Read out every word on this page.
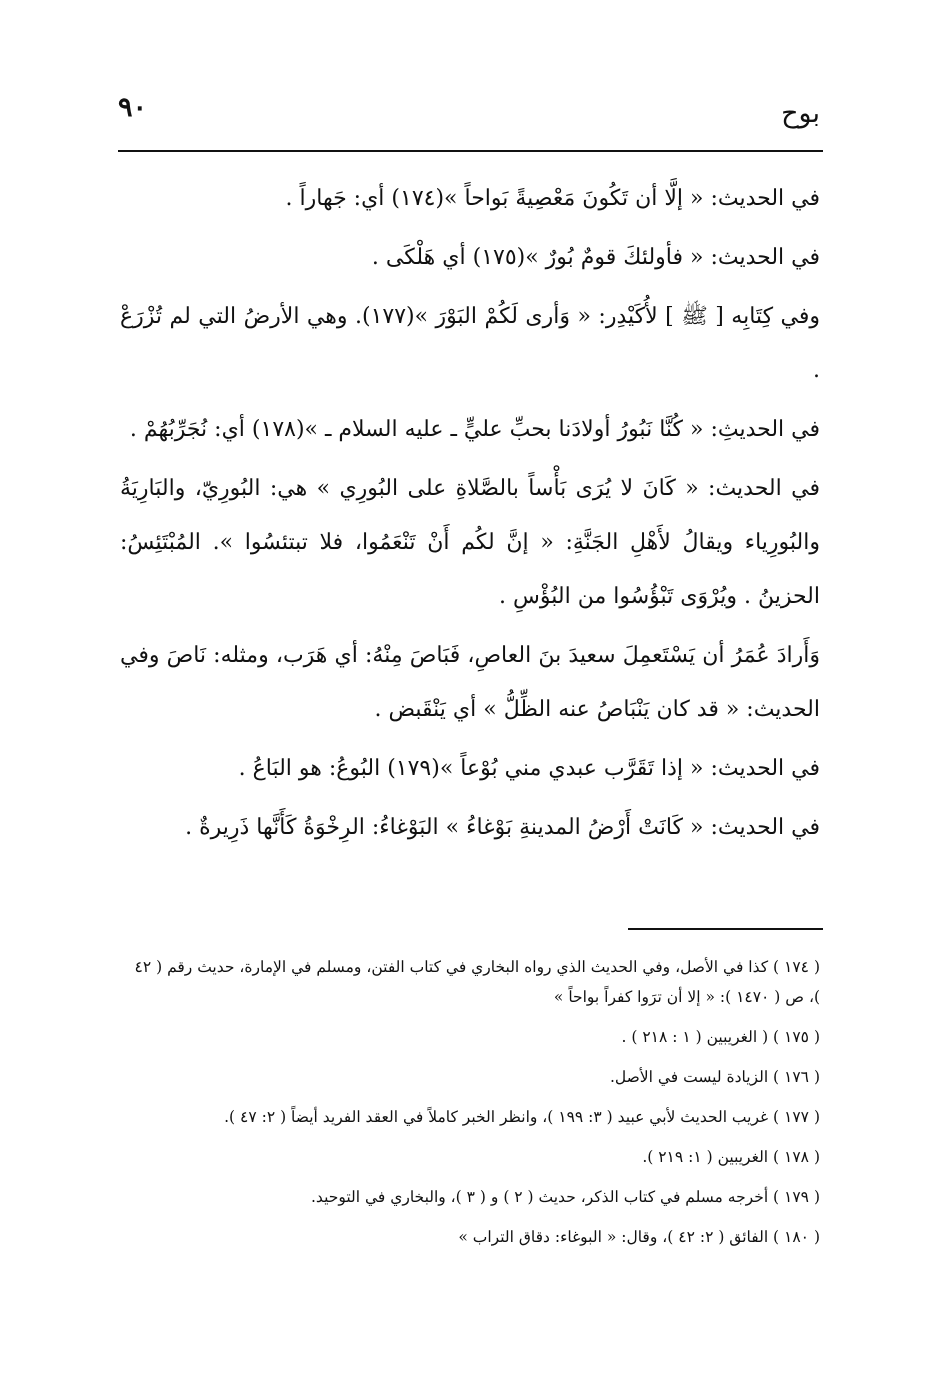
بوح
٩٠

في الحديث: « إلَّا أن تَكُونَ مَعْصِيةً بَواحاً »(١٧٤) أي: جَهاراً .

في الحديث: « فأولئكَ قومٌ بُورٌ »(١٧٥) أي هَلْكَى .

وفي كِتَابِه [ ﷺ ] لأُكَيْدِر: « وَأرى لَكُمْ البَوْرَ »(١٧٧). وهي الأرضُ التي لم تُزْرَعْ .

في الحديثِ: « كُنَّا نَبُورُ أولادَنا بحبِّ عليٍّ ـ عليه السلام ـ »(١٧٨) أي: نُجَرِّبُهُمْ .

في الحديث: « كَانَ لا يُرَى بَأْساً بالصَّلاةِ على البُورِي » هي: البُورِيّ، والبَارِيَةُ والبُورِياء ويقالُ لأَهْلِ الجَنَّةِ: « إنَّ لكُم أَنْ تَنْعَمُوا، فلا تبتئسُوا ». المُبْتَئِسُ: الحزينُ . ويُرْوَى تَبْؤُسُوا من البُؤْسِ .

وَأَرادَ عُمَرُ أن يَسْتَعمِلَ سعيدَ بنَ العاصِ، فَبَاصَ مِنْهُ: أي هَرَب، ومثله: نَاصَ وفي الحديث: « قد كان يَنْبَاصُ عنه الظِّلُّ » أي يَنْقَبض .

في الحديث: « إذا تَقَرَّب عبدي مني بُوْعاً »(١٧٩) البُوعُ: هو البَاعُ .

في الحديث: « كَانَتْ أَرْضُ المدينةِ بَوْغاءُ » البَوْغاءُ: الرِخْوَةُ كَأَنَّها ذَرِيرةٌ .

( ١٧٤ ) كذا في الأصل، وفي الحديث الذي رواه البخاري في كتاب الفتن، ومسلم في الإمارة، حديث رقم ( ٤٢ )، ص ( ١٤٧٠ ): « إلا أن ترَوا كفراً بواحاً »

( ١٧٥ ) ( الغريبين ( ١ : ٢١٨ ) .

( ١٧٦ ) الزيادة ليست في الأصل.

( ١٧٧ ) غريب الحديث لأبي عبيد ( ٣: ١٩٩ )، وانظر الخبر كاملاً في العقد الفريد أيضاً ( ٢: ٤٧ ).

( ١٧٨ ) الغريبين ( ١: ٢١٩ ).

( ١٧٩ ) أخرجه مسلم في كتاب الذكر، حديث ( ٢ ) و ( ٣ )، والبخاري في التوحيد.

( ١٨٠ ) الفائق ( ٢: ٤٢ )، وقال: « البوغاء: دقاق التراب »
